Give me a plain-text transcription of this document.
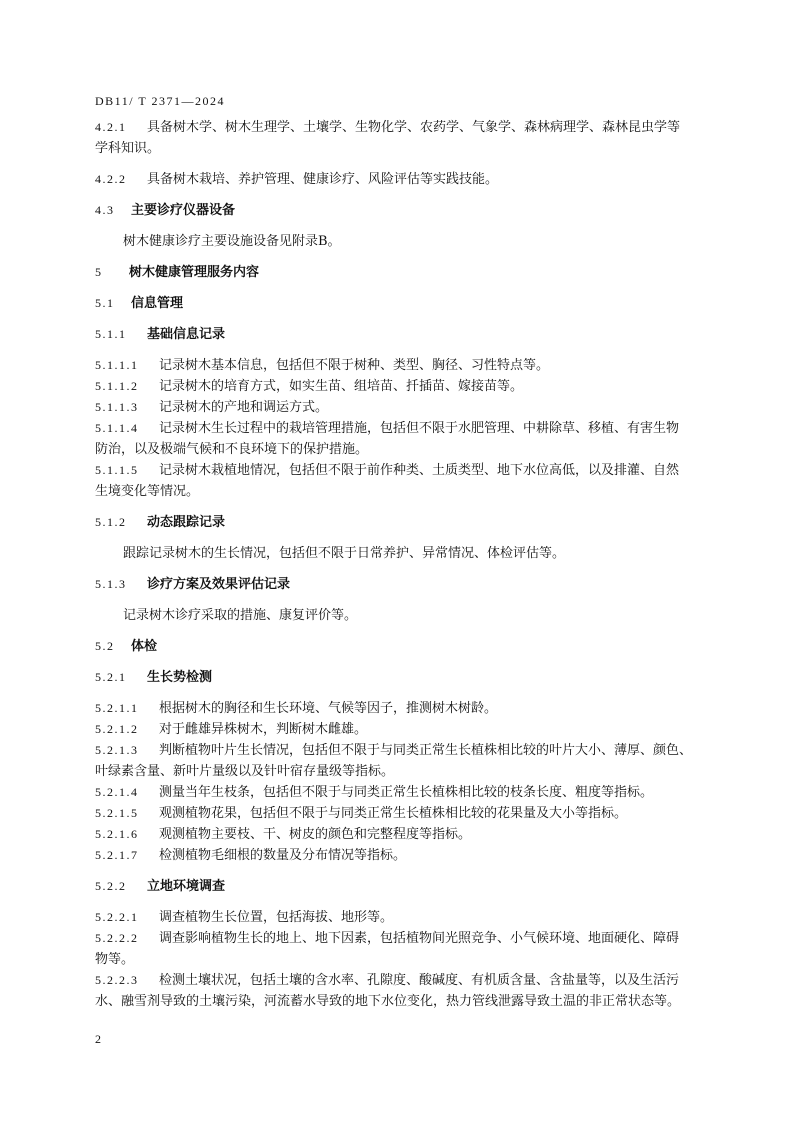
DB11/ T 2371—2024
4.2.1 具备树木学、树木生理学、土壤学、生物化学、农药学、气象学、森林病理学、森林昆虫学等
学科知识。
4.2.2 具备树木栽培、养护管理、健康诊疗、风险评估等实践技能。
4.3 主要诊疗仪器设备
树木健康诊疗主要设施设备见附录B。
5 树木健康管理服务内容
5.1 信息管理
5.1.1 基础信息记录
5.1.1.1 记录树木基本信息，包括但不限于树种、类型、胸径、习性特点等。
5.1.1.2 记录树木的培育方式，如实生苗、组培苗、扦插苗、嫁接苗等。
5.1.1.3 记录树木的产地和调运方式。
5.1.1.4 记录树木生长过程中的栽培管理措施，包括但不限于水肥管理、中耕除草、移植、有害生物
防治，以及极端气候和不良环境下的保护措施。
5.1.1.5 记录树木栽植地情况，包括但不限于前作种类、土质类型、地下水位高低，以及排灌、自然
生境变化等情况。
5.1.2 动态跟踪记录
跟踪记录树木的生长情况，包括但不限于日常养护、异常情况、体检评估等。
5.1.3 诊疗方案及效果评估记录
记录树木诊疗采取的措施、康复评价等。
5.2 体检
5.2.1 生长势检测
5.2.1.1 根据树木的胸径和生长环境、气候等因子，推测树木树龄。
5.2.1.2 对于雌雄异株树木，判断树木雌雄。
5.2.1.3 判断植物叶片生长情况，包括但不限于与同类正常生长植株相比较的叶片大小、薄厚、颜色、
叶绿素含量、新叶片量级以及针叶宿存量级等指标。
5.2.1.4 测量当年生枝条，包括但不限于与同类正常生长植株相比较的枝条长度、粗度等指标。
5.2.1.5 观测植物花果，包括但不限于与同类正常生长植株相比较的花果量及大小等指标。
5.2.1.6 观测植物主要枝、干、树皮的颜色和完整程度等指标。
5.2.1.7 检测植物毛细根的数量及分布情况等指标。
5.2.2 立地环境调查
5.2.2.1 调查植物生长位置，包括海拔、地形等。
5.2.2.2 调查影响植物生长的地上、地下因素，包括植物间光照竞争、小气候环境、地面硬化、障碍
物等。
5.2.2.3 检测土壤状况，包括土壤的含水率、孔隙度、酸碱度、有机质含量、含盐量等，以及生活污
水、融雪剂导致的土壤污染，河流蓄水导致的地下水位变化，热力管线泄露导致土温的非正常状态等。
2
